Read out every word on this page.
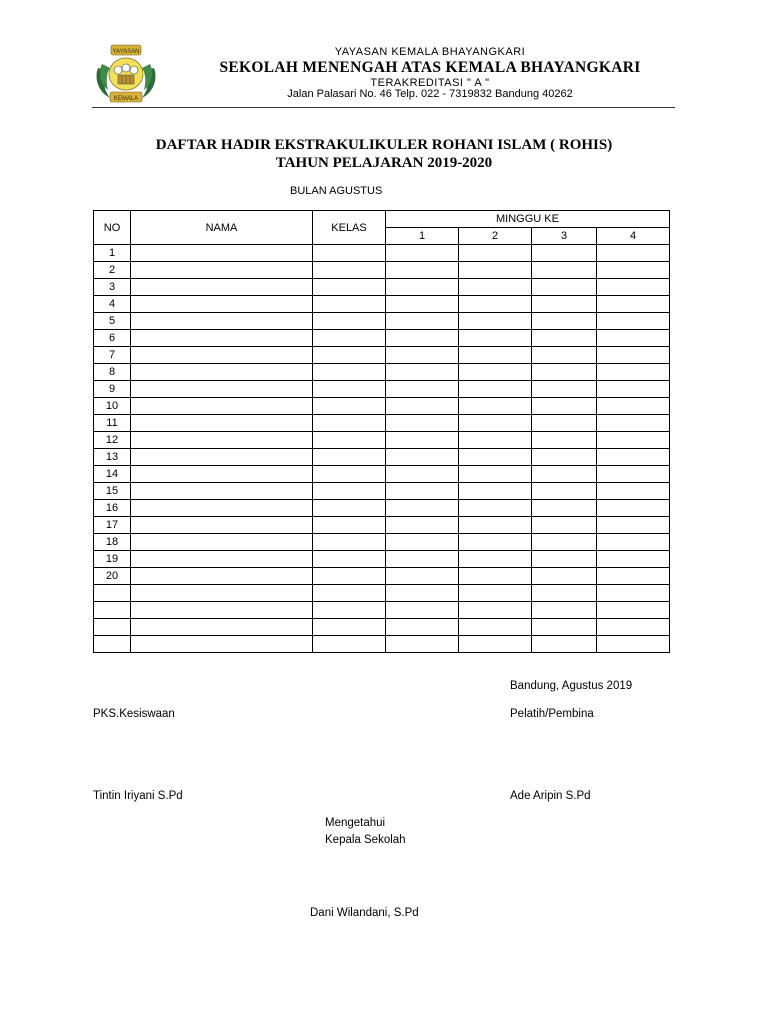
YAYASAN
KEMALA
YAYASAN KEMALA BHAYANGKARI
SEKOLAH MENENGAH ATAS KEMALA BHAYANGKARI
TERAKREDITASI " A "
Jalan Palasari No. 46 Telp. 022 - 7319832 Bandung 40262
DAFTAR HADIR EKSTRAKULIKULER ROHANI ISLAM ( ROHIS)
TAHUN PELAJARAN 2019-2020
BULAN AGUSTUS
NO	NAMA	KELAS	MINGGU KE			
			1	2	3	4
1						
2						
3						
4						
5						
6						
7						
8						
9						
10						
11						
12						
13						
14						
15						
16						
17						
18						
19						
20						

Bandung, Agustus 2019
PKS.Kesiswaan	Pelatih/Pembina
Tintin Iriyani S.Pd	Ade Aripin S.Pd
Mengetahui
Kepala Sekolah
Dani Wilandani, S.Pd
